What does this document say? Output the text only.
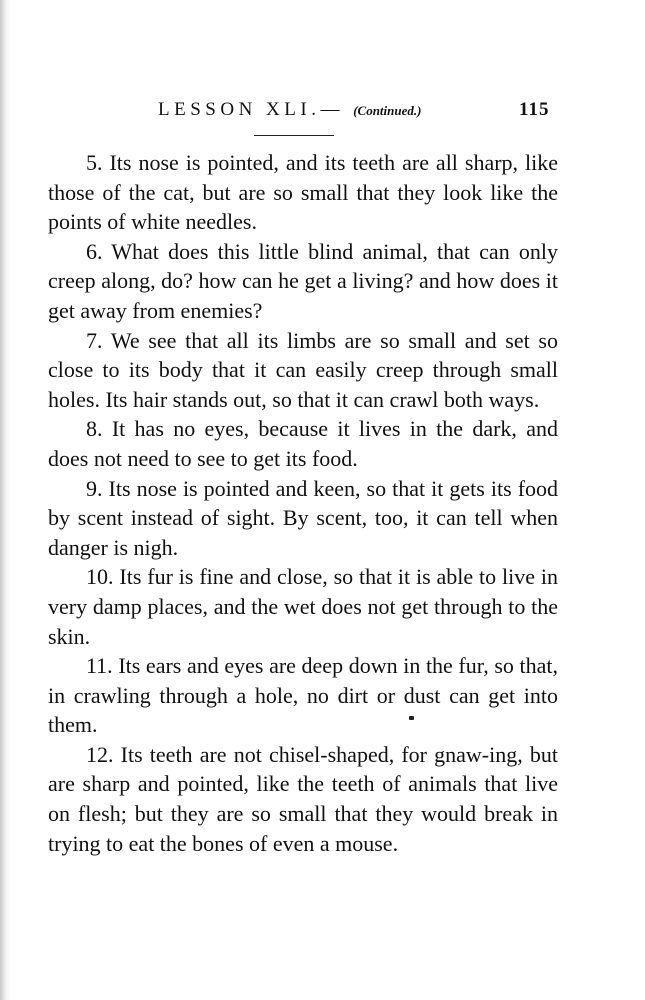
LESSON XLI.— (Continued.)	115

5. Its nose is pointed, and its teeth are all sharp, like those of the cat, but are so small that they look like the points of white needles.

6. What does this little blind animal, that can only creep along, do? how can he get a living? and how does it get away from enemies?

7. We see that all its limbs are so small and set so close to its body that it can easily creep through small holes. Its hair stands out, so that it can crawl both ways.

8. It has no eyes, because it lives in the dark, and does not need to see to get its food.

9. Its nose is pointed and keen, so that it gets its food by scent instead of sight. By scent, too, it can tell when danger is nigh.

10. Its fur is fine and close, so that it is able to live in very damp places, and the wet does not get through to the skin.

11. Its ears and eyes are deep down in the fur, so that, in crawling through a hole, no dirt or dust can get into them.

12. Its teeth are not chisel-shaped, for gnaw-ing, but are sharp and pointed, like the teeth of animals that live on flesh; but they are so small that they would break in trying to eat the bones of even a mouse.
